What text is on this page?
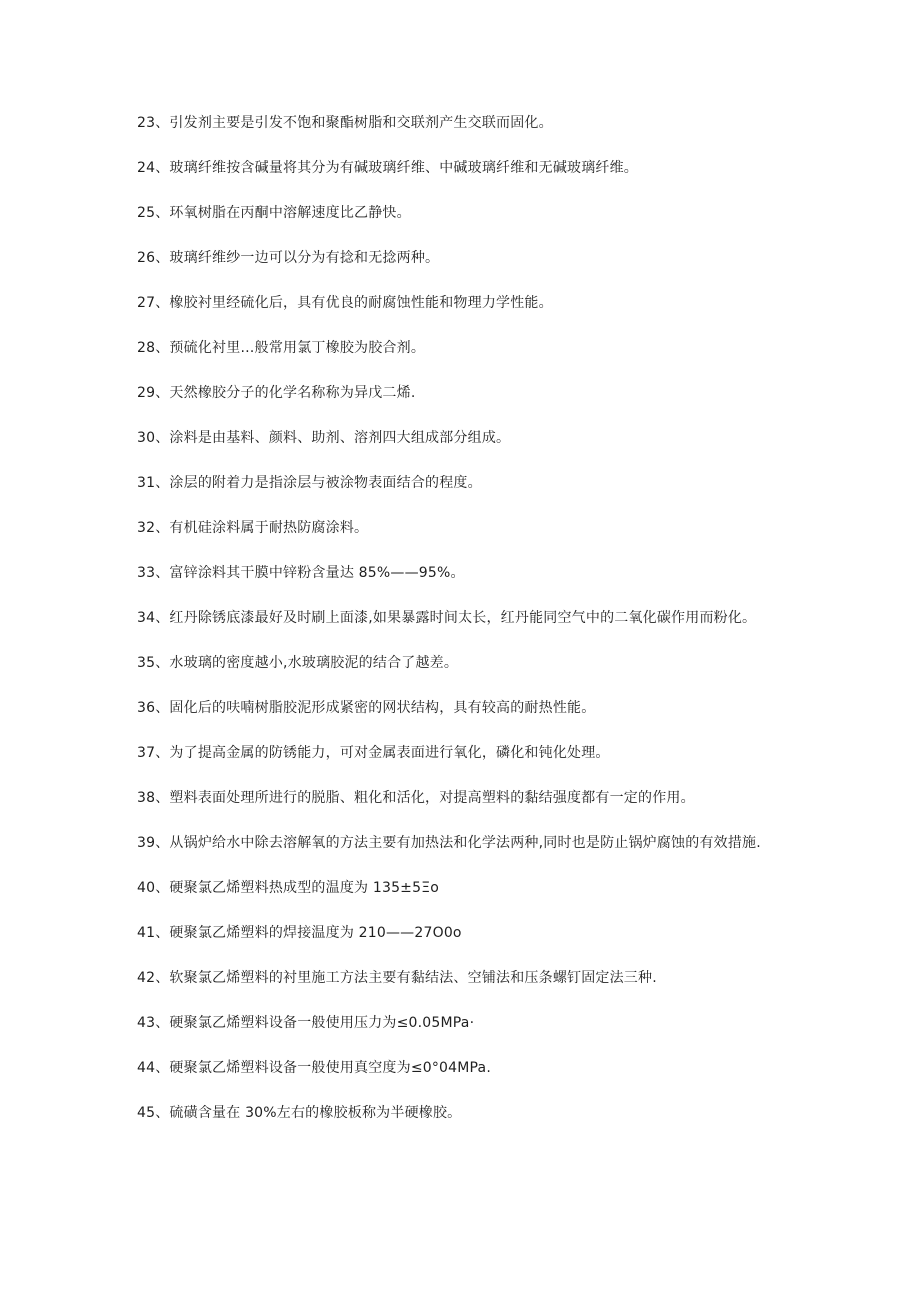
23、引发剂主要是引发不饱和聚酯树脂和交联剂产生交联而固化。

24、玻璃纤维按含碱量将其分为有碱玻璃纤维、中碱玻璃纤维和无碱玻璃纤维。

25、环氧树脂在丙酮中溶解速度比乙静快。

26、玻璃纤维纱一边可以分为有捻和无捻两种。

27、橡胶衬里经硫化后，具有优良的耐腐蚀性能和物理力学性能。

28、预硫化衬里…般常用氯丁橡胶为胶合剂。

29、天然橡胶分子的化学名称称为异戊二烯.

30、涂料是由基料、颜料、助剂、溶剂四大组成部分组成。

31、涂层的附着力是指涂层与被涂物表面结合的程度。

32、有机硅涂料属于耐热防腐涂料。

33、富锌涂料其干膜中锌粉含量达 85%——95%。

34、红丹除锈底漆最好及时刷上面漆,如果暴露时间太长，红丹能同空气中的二氧化碳作用而粉化。

35、水玻璃的密度越小,水玻璃胶泥的结合了越差。

36、固化后的呋喃树脂胶泥形成紧密的网状结构，具有较高的耐热性能。

37、为了提高金属的防锈能力，可对金属表面进行氧化，磷化和钝化处理。

38、塑料表面处理所进行的脱脂、粗化和活化，对提高塑料的黏结强度都有一定的作用。

39、从锅炉给水中除去溶解氧的方法主要有加热法和化学法两种,同时也是防止锅炉腐蚀的有效措施.

40、硬聚氯乙烯塑料热成型的温度为 135±5Ξo

41、硬聚氯乙烯塑料的焊接温度为 210——27O0o

42、软聚氯乙烯塑料的衬里施工方法主要有黏结法、空铺法和压条螺钉固定法三种.

43、硬聚氯乙烯塑料设备一般使用压力为≤0.05MPa·

44、硬聚氯乙烯塑料设备一般使用真空度为≤0°04MPa.

45、硫磺含量在 30%左右的橡胶板称为半硬橡胶。
